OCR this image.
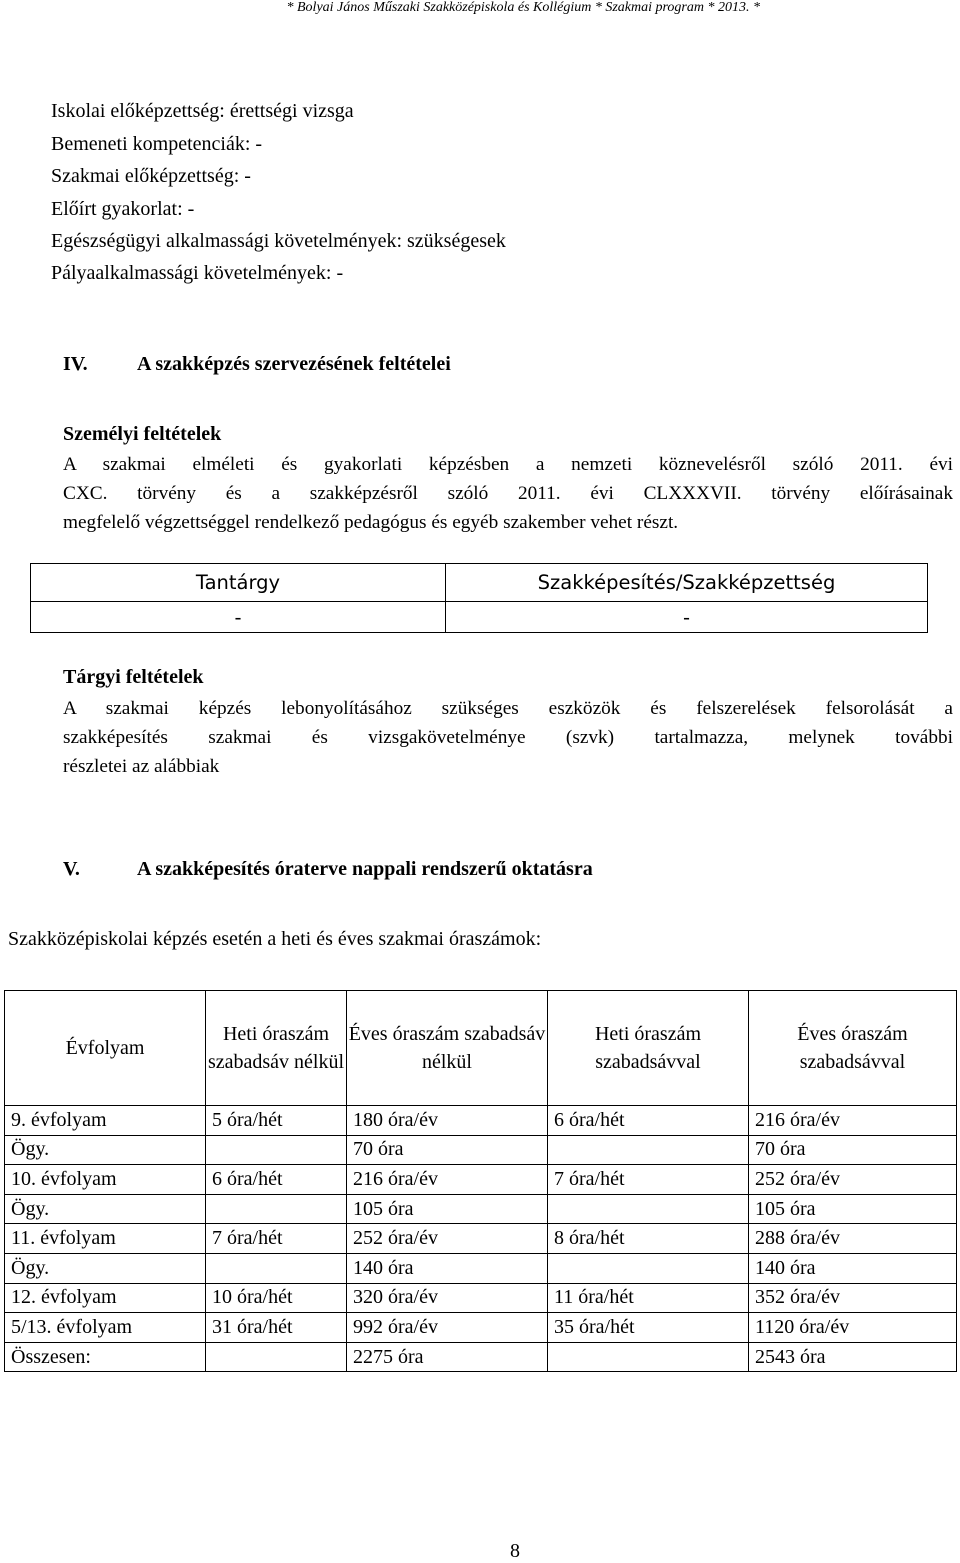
* Bolyai János Műszaki Szakközépiskola és Kollégium * Szakmai program * 2013. *
Iskolai előképzettség: érettségi vizsga
Bemeneti kompetenciák: -
Szakmai előképzettség: -
Előírt gyakorlat: -
Egészségügyi alkalmassági követelmények: szükségesek
Pályaalkalmassági követelmények: -
IV. A szakképzés szervezésének feltételei
Személyi feltételek
A szakmai elméleti és gyakorlati képzésben a nemzeti köznevelésről szóló 2011. évi
CXC. törvény és a szakképzésről szóló 2011. évi CLXXXVII. törvény előírásainak
megfelelő végzettséggel rendelkező pedagógus és egyéb szakember vehet részt.
Tantárgy	Szakképesítés/Szakképzettség
-	-
Tárgyi feltételek
A szakmai képzés lebonyolításához szükséges eszközök és felszerelések felsorolását a
szakképesítés szakmai és vizsgakövetelménye (szvk) tartalmazza, melynek további
részletei az alábbiak
V.	A szakképesítés óraterve nappali rendszerű oktatásra
Szakközépiskolai képzés esetén a heti és éves szakmai óraszámok:
Évfolyam	Heti óraszám szabadsáv nélkül	Éves óraszám szabadsáv nélkül	Heti óraszám szabadsávval	Éves óraszám szabadsávval
9. évfolyam	5 óra/hét	180 óra/év	6 óra/hét	216 óra/év
Ögy.		70 óra		70 óra
10. évfolyam	6 óra/hét	216 óra/év	7 óra/hét	252 óra/év
Ögy.		105 óra		105 óra
11. évfolyam	7 óra/hét	252 óra/év	8 óra/hét	288 óra/év
Ögy.		140 óra		140 óra
12. évfolyam	10 óra/hét	320 óra/év	11 óra/hét	352 óra/év
5/13. évfolyam	31 óra/hét	992 óra/év	35 óra/hét	1120 óra/év
Összesen:		2275 óra		2543 óra
8
